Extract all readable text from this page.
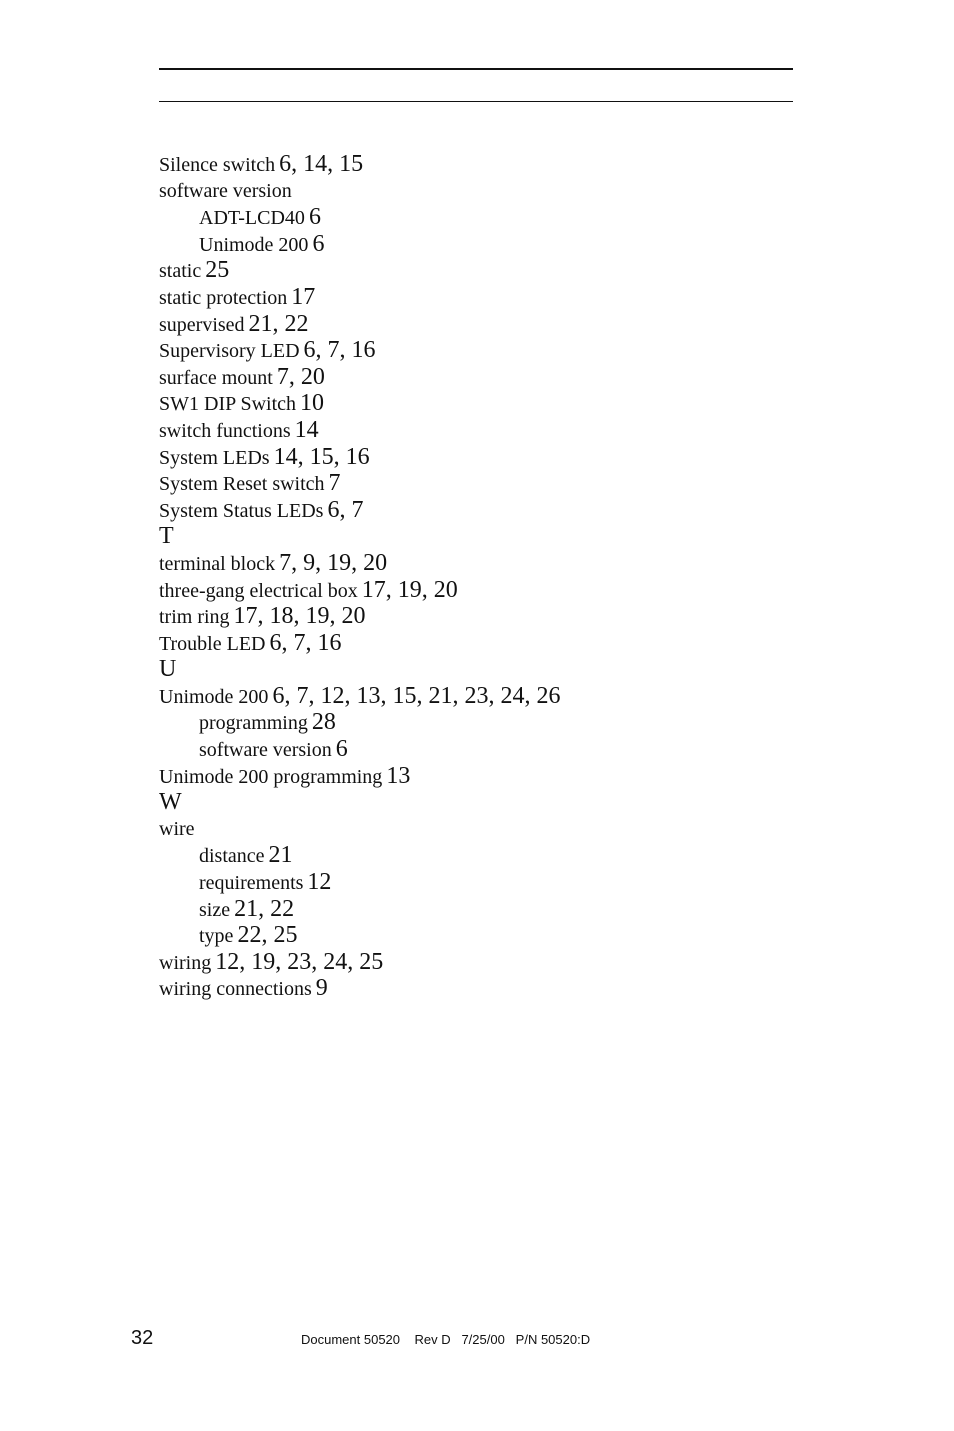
Silence switch 6, 14, 15
software version
ADT-LCD40 6
Unimode 200 6
static 25
static protection 17
supervised 21, 22
Supervisory LED 6, 7, 16
surface mount 7, 20
SW1 DIP Switch 10
switch functions 14
System LEDs 14, 15, 16
System Reset switch 7
System Status LEDs 6, 7
T
terminal block 7, 9, 19, 20
three-gang electrical box 17, 19, 20
trim ring 17, 18, 19, 20
Trouble LED 6, 7, 16
U
Unimode 200 6, 7, 12, 13, 15, 21, 23, 24, 26
programming 28
software version 6
Unimode 200 programming 13
W
wire
distance 21
requirements 12
size 21, 22
type 22, 25
wiring 12, 19, 23, 24, 25
wiring connections 9
32	Document 50520 Rev D 7/25/00 P/N 50520:D
